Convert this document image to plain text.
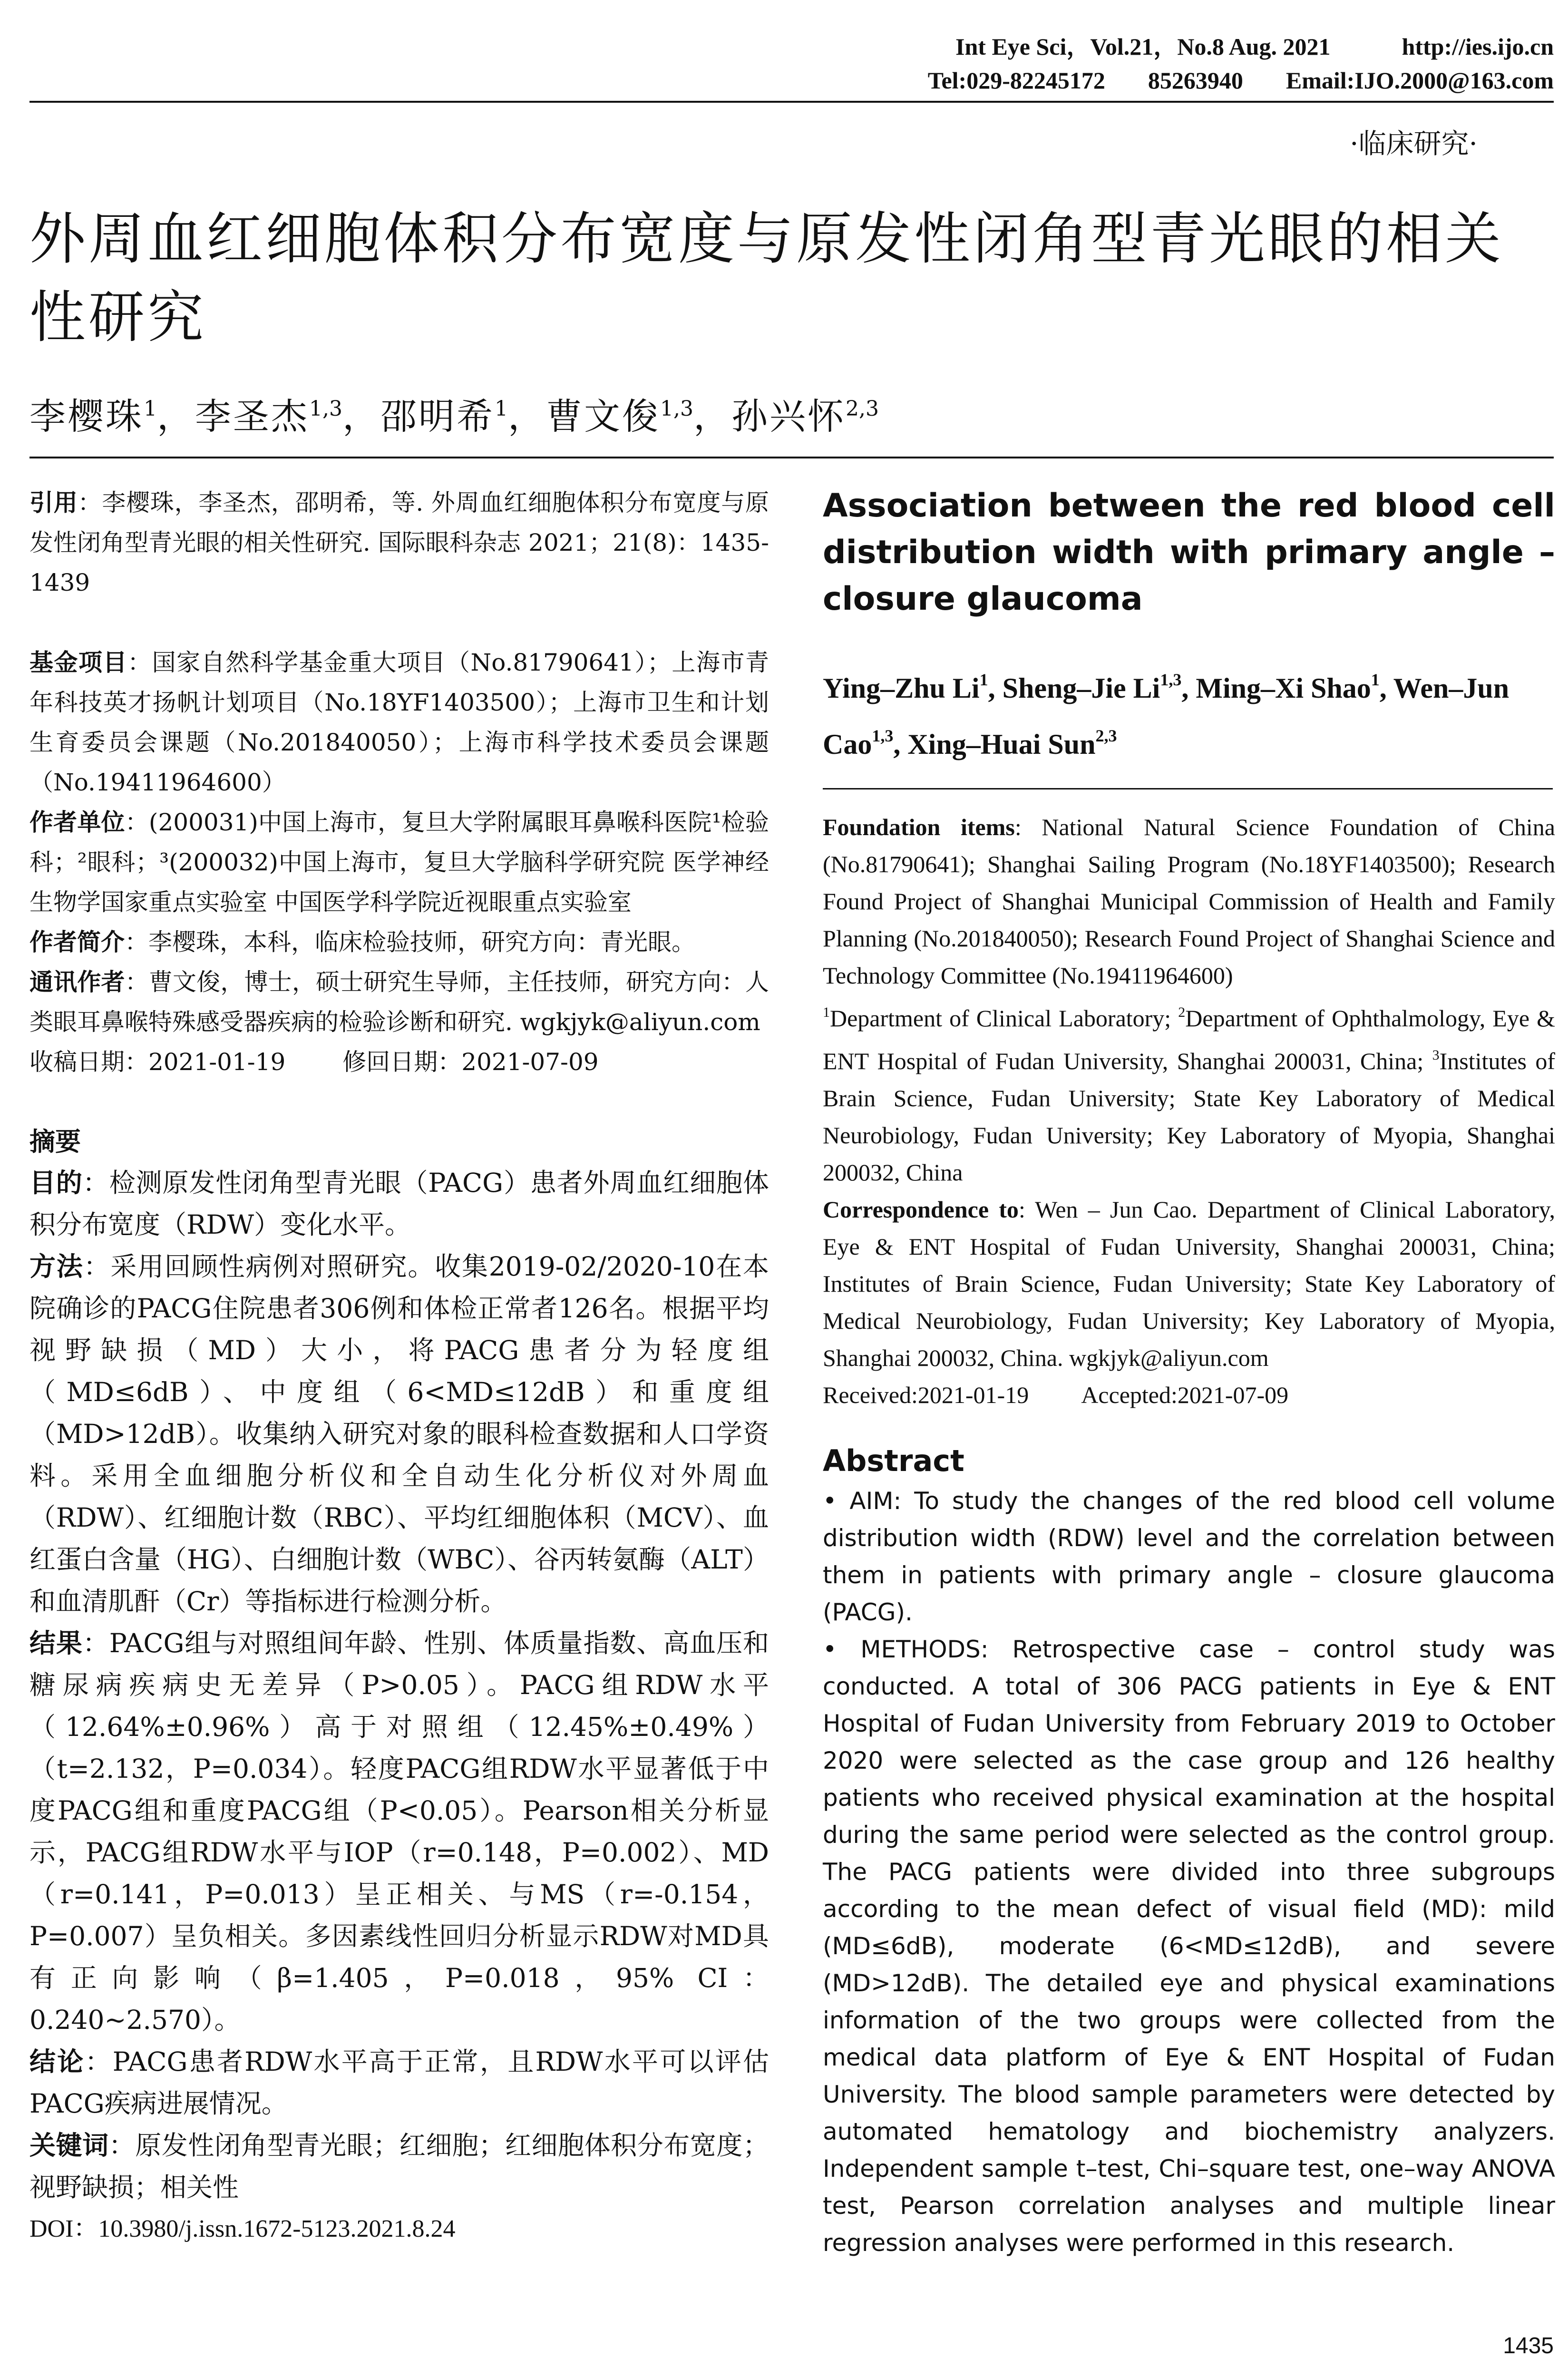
Int Eye Sci，Vol.21，No.8 Aug. 2021	http://ies.ijo.cn
Tel:029-82245172 85263940 Email:IJO.2000@163.com
·临床研究·
外周血红细胞体积分布宽度与原发性闭角型青光眼的相关性研究
李樱珠$^1$，李圣杰$^{1,3}$，邵明希$^1$，曹文俊$^{1,3}$，孙兴怀$^{2,3}$

引用：李樱珠，李圣杰，邵明希，等. 外周血红细胞体积分布宽度与原发性闭角型青光眼的相关性研究. 国际眼科杂志 2021；21(8)：1435-1439

基金项目：国家自然科学基金重大项目（No.81790641）；上海市青年科技英才扬帆计划项目（No.18YF1403500）；上海市卫生和计划生育委员会课题（No.201840050）；上海市科学技术委员会课题（No.19411964600）

作者单位：(200031)中国上海市，复旦大学附属眼耳鼻喉科医院¹检验科；²眼科；³(200032)中国上海市，复旦大学脑科学研究院 医学神经生物学国家重点实验室 中国医学科学院近视眼重点实验室

作者简介：李樱珠，本科，临床检验技师，研究方向：青光眼。

通讯作者：曹文俊，博士，硕士研究生导师，主任技师，研究方向：人类眼耳鼻喉特殊感受器疾病的检验诊断和研究. wgkjyk@aliyun.com

收稿日期：2021-01-19 修回日期：2021-07-09

摘要

目的：检测原发性闭角型青光眼（PACG）患者外周血红细胞体积分布宽度（RDW）变化水平。

方法：采用回顾性病例对照研究。收集2019-02/2020-10在本院确诊的PACG住院患者306例和体检正常者126名。根据平均视野缺损（MD）大小，将PACG患者分为轻度组（MD≤6dB）、中度组（6<MD≤12dB）和重度组（MD>12dB）。收集纳入研究对象的眼科检查数据和人口学资料。采用全血细胞分析仪和全自动生化分析仪对外周血（RDW）、红细胞计数（RBC）、平均红细胞体积（MCV）、血红蛋白含量（HG）、白细胞计数（WBC）、谷丙转氨酶（ALT）和血清肌酐（Cr）等指标进行检测分析。

结果：PACG组与对照组间年龄、性别、体质量指数、高血压和糖尿病疾病史无差异（P>0.05）。PACG组RDW水平（12.64%±0.96%）高于对照组（12.45%±0.49%）（t=2.132，P=0.034）。轻度PACG组RDW水平显著低于中度PACG组和重度PACG组（P<0.05）。Pearson相关分析显示，PACG组RDW水平与IOP（r=0.148，P=0.002）、MD（r=0.141，P=0.013）呈正相关、与MS（r=-0.154，P=0.007）呈负相关。多因素线性回归分析显示RDW对MD具有正向影响（β=1.405，P=0.018，95% CI：0.240~2.570）。

结论：PACG患者RDW水平高于正常，且RDW水平可以评估PACG疾病进展情况。

关键词：原发性闭角型青光眼；红细胞；红细胞体积分布宽度；视野缺损；相关性

DOI：10.3980/j.issn.1672-5123.2021.8.24

Association between the red blood cell distribution width with primary angle – closure glaucoma

Ying–Zhu Li$^1$, Sheng–Jie Li$^{1,3}$, Ming–Xi Shao$^1$, Wen–Jun Cao$^{1,3}$, Xing–Huai Sun$^{2,3}$
Foundation items: National Natural Science Foundation of China (No.81790641); Shanghai Sailing Program (No.18YF1403500); Research Found Project of Shanghai Municipal Commission of Health and Family Planning (No.201840050); Research Found Project of Shanghai Science and Technology Committee (No.19411964600)
$^1$Department of Clinical Laboratory; $^2$Department of Ophthalmology, Eye & ENT Hospital of Fudan University, Shanghai 200031, China; $^3$Institutes of Brain Science, Fudan University; State Key Laboratory of Medical Neurobiology, Fudan University; Key Laboratory of Myopia, Shanghai 200032, China
Correspondence to: Wen – Jun Cao. Department of Clinical Laboratory, Eye & ENT Hospital of Fudan University, Shanghai 200031, China; Institutes of Brain Science, Fudan University; State Key Laboratory of Medical Neurobiology, Fudan University; Key Laboratory of Myopia, Shanghai 200032, China. wgkjyk@aliyun.com
Received:2021-01-19 Accepted:2021-07-09
Abstract
• AIM: To study the changes of the red blood cell volume distribution width (RDW) level and the correlation between them in patients with primary angle – closure glaucoma (PACG).
• METHODS: Retrospective case – control study was conducted. A total of 306 PACG patients in Eye & ENT Hospital of Fudan University from February 2019 to October 2020 were selected as the case group and 126 healthy patients who received physical examination at the hospital during the same period were selected as the control group. The PACG patients were divided into three subgroups according to the mean defect of visual field (MD): mild (MD≤6dB), moderate (6<MD≤12dB), and severe (MD>12dB). The detailed eye and physical examinations information of the two groups were collected from the medical data platform of Eye & ENT Hospital of Fudan University. The blood sample parameters were detected by automated hematology and biochemistry analyzers. Independent sample t–test, Chi–square test, one–way ANOVA test, Pearson correlation analyses and multiple linear regression analyses were performed in this research.
1435
